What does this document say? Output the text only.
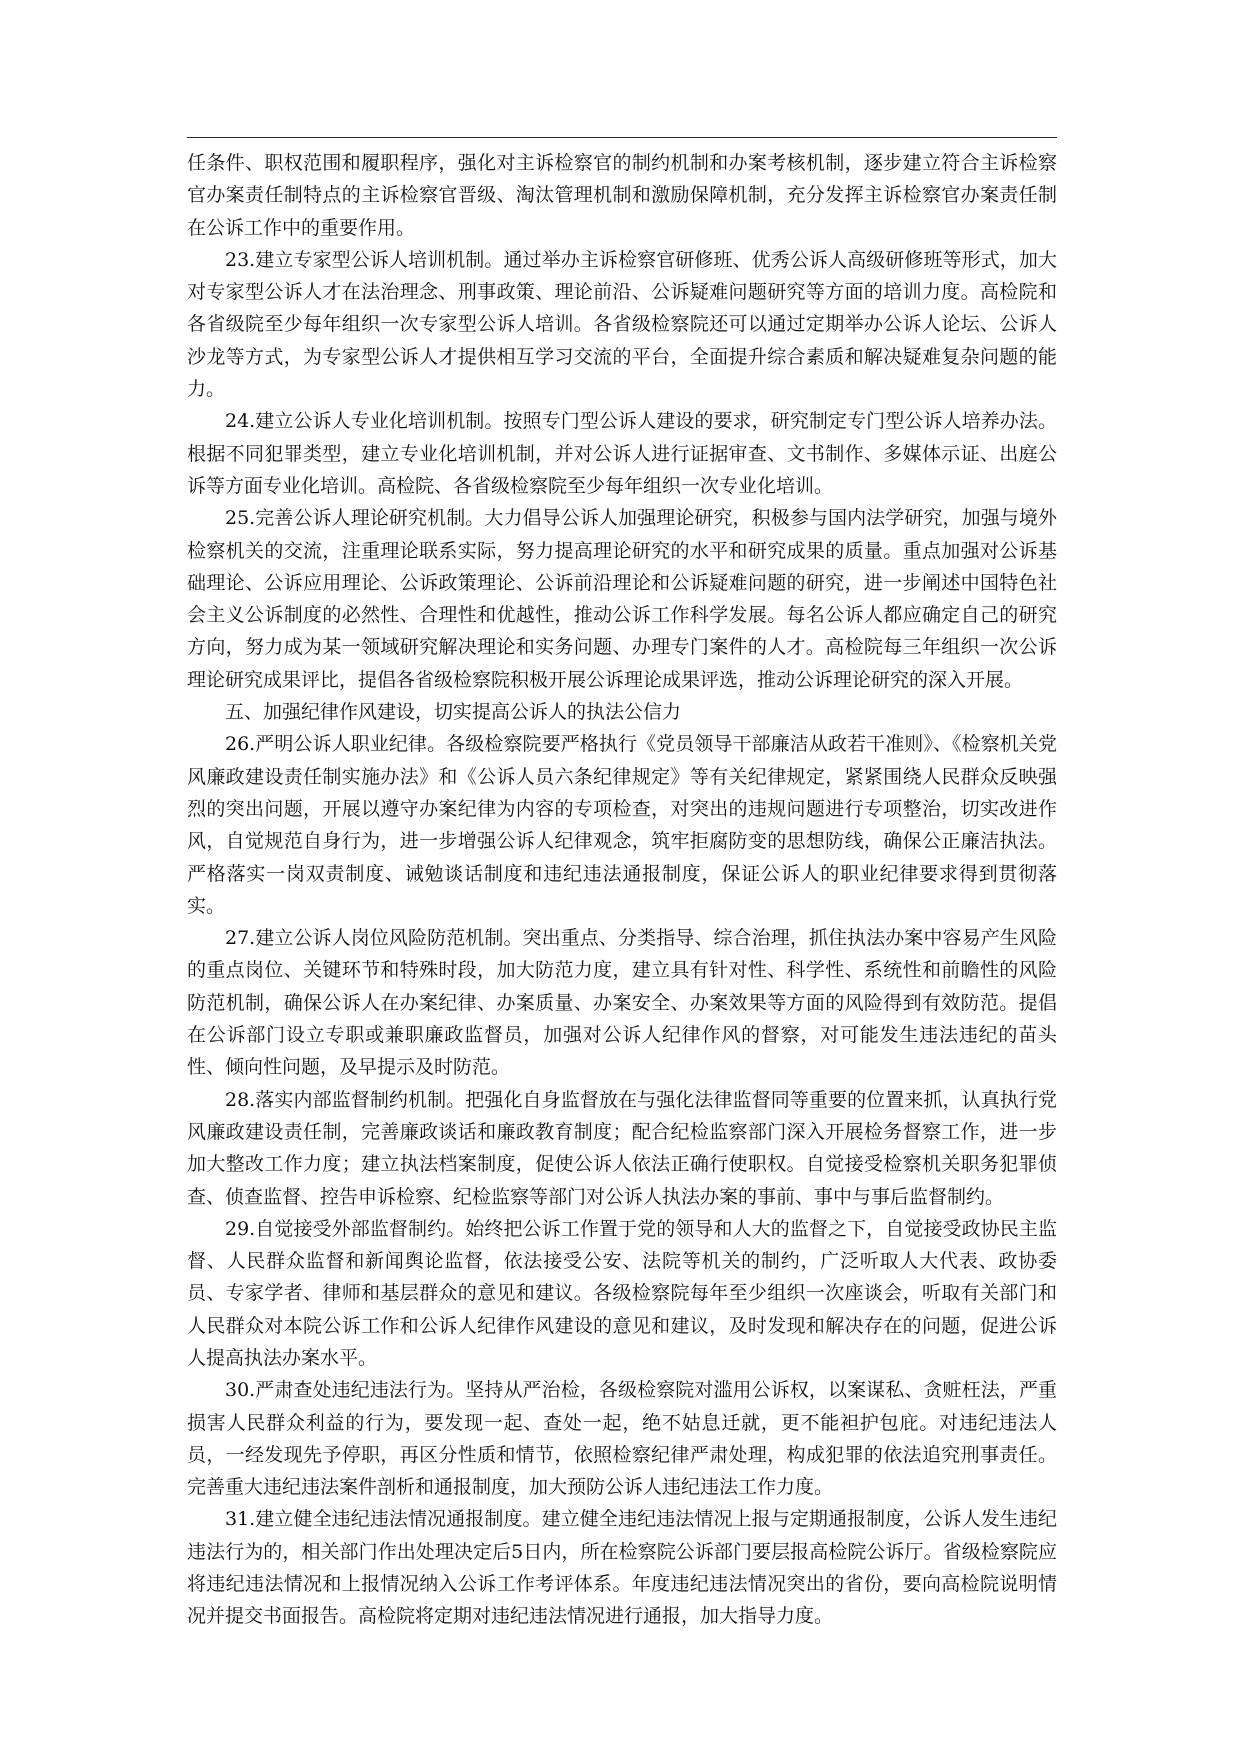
任条件、职权范围和履职程序，强化对主诉检察官的制约机制和办案考核机制，逐步建立符合主诉检察官办案责任制特点的主诉检察官晋级、淘汰管理机制和激励保障机制，充分发挥主诉检察官办案责任制在公诉工作中的重要作用。

23.建立专家型公诉人培训机制。通过举办主诉检察官研修班、优秀公诉人高级研修班等形式，加大对专家型公诉人才在法治理念、刑事政策、理论前沿、公诉疑难问题研究等方面的培训力度。高检院和各省级院至少每年组织一次专家型公诉人培训。各省级检察院还可以通过定期举办公诉人论坛、公诉人沙龙等方式，为专家型公诉人才提供相互学习交流的平台，全面提升综合素质和解决疑难复杂问题的能力。

24.建立公诉人专业化培训机制。按照专门型公诉人建设的要求，研究制定专门型公诉人培养办法。根据不同犯罪类型，建立专业化培训机制，并对公诉人进行证据审查、文书制作、多媒体示证、出庭公诉等方面专业化培训。高检院、各省级检察院至少每年组织一次专业化培训。

25.完善公诉人理论研究机制。大力倡导公诉人加强理论研究，积极参与国内法学研究，加强与境外检察机关的交流，注重理论联系实际，努力提高理论研究的水平和研究成果的质量。重点加强对公诉基础理论、公诉应用理论、公诉政策理论、公诉前沿理论和公诉疑难问题的研究，进一步阐述中国特色社会主义公诉制度的必然性、合理性和优越性，推动公诉工作科学发展。每名公诉人都应确定自己的研究方向，努力成为某一领域研究解决理论和实务问题、办理专门案件的人才。高检院每三年组织一次公诉理论研究成果评比，提倡各省级检察院积极开展公诉理论成果评选，推动公诉理论研究的深入开展。

五、加强纪律作风建设，切实提高公诉人的执法公信力

26.严明公诉人职业纪律。各级检察院要严格执行《党员领导干部廉洁从政若干准则》、《检察机关党风廉政建设责任制实施办法》和《公诉人员六条纪律规定》等有关纪律规定，紧紧围绕人民群众反映强烈的突出问题，开展以遵守办案纪律为内容的专项检查，对突出的违规问题进行专项整治，切实改进作风，自觉规范自身行为，进一步增强公诉人纪律观念，筑牢拒腐防变的思想防线，确保公正廉洁执法。严格落实一岗双责制度、诫勉谈话制度和违纪违法通报制度，保证公诉人的职业纪律要求得到贯彻落实。

27.建立公诉人岗位风险防范机制。突出重点、分类指导、综合治理，抓住执法办案中容易产生风险的重点岗位、关键环节和特殊时段，加大防范力度，建立具有针对性、科学性、系统性和前瞻性的风险防范机制，确保公诉人在办案纪律、办案质量、办案安全、办案效果等方面的风险得到有效防范。提倡在公诉部门设立专职或兼职廉政监督员，加强对公诉人纪律作风的督察，对可能发生违法违纪的苗头性、倾向性问题，及早提示及时防范。

28.落实内部监督制约机制。把强化自身监督放在与强化法律监督同等重要的位置来抓，认真执行党风廉政建设责任制，完善廉政谈话和廉政教育制度；配合纪检监察部门深入开展检务督察工作，进一步加大整改工作力度；建立执法档案制度，促使公诉人依法正确行使职权。自觉接受检察机关职务犯罪侦查、侦查监督、控告申诉检察、纪检监察等部门对公诉人执法办案的事前、事中与事后监督制约。

29.自觉接受外部监督制约。始终把公诉工作置于党的领导和人大的监督之下，自觉接受政协民主监督、人民群众监督和新闻舆论监督，依法接受公安、法院等机关的制约，广泛听取人大代表、政协委员、专家学者、律师和基层群众的意见和建议。各级检察院每年至少组织一次座谈会，听取有关部门和人民群众对本院公诉工作和公诉人纪律作风建设的意见和建议，及时发现和解决存在的问题，促进公诉人提高执法办案水平。

30.严肃查处违纪违法行为。坚持从严治检，各级检察院对滥用公诉权，以案谋私、贪赃枉法，严重损害人民群众利益的行为，要发现一起、查处一起，绝不姑息迁就，更不能袒护包庇。对违纪违法人员，一经发现先予停职，再区分性质和情节，依照检察纪律严肃处理，构成犯罪的依法追究刑事责任。完善重大违纪违法案件剖析和通报制度，加大预防公诉人违纪违法工作力度。

31.建立健全违纪违法情况通报制度。建立健全违纪违法情况上报与定期通报制度，公诉人发生违纪违法行为的，相关部门作出处理决定后5日内，所在检察院公诉部门要层报高检院公诉厅。省级检察院应将违纪违法情况和上报情况纳入公诉工作考评体系。年度违纪违法情况突出的省份，要向高检院说明情况并提交书面报告。高检院将定期对违纪违法情况进行通报，加大指导力度。
